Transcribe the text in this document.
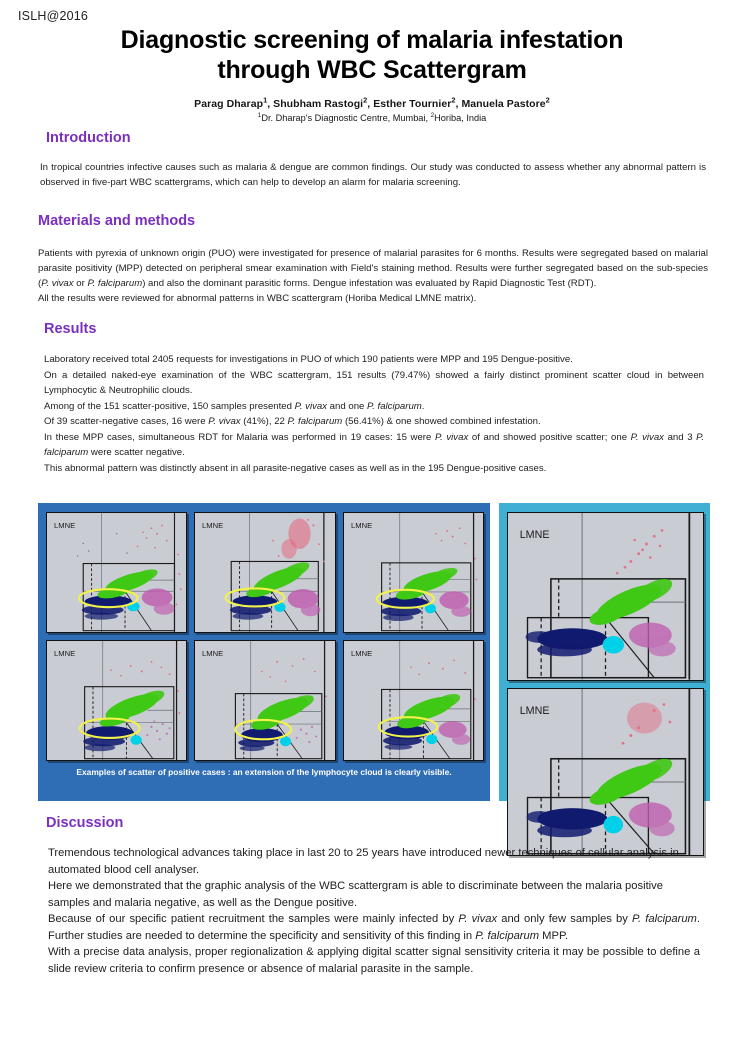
ISLH@2016
Diagnostic screening of malaria infestation
through WBC Scattergram
Parag Dharap$^1$, Shubham Rastogi$^2$, Esther Tournier$^2$, Manuela Pastore$^2$
$^1$Dr. Dharap's Diagnostic Centre, Mumbai, $^2$Horiba, India
Introduction

In tropical countries infective causes such as malaria & dengue are common findings. Our study was conducted to assess whether any abnormal pattern is observed in five-part WBC scattergrams, which can help to develop an alarm for malaria screening.

Materials and methods

Patients with pyrexia of unknown origin (PUO) were investigated for presence of malarial parasites for 6 months. Results were segregated based on malarial parasite positivity (MPP) detected on peripheral smear examination with Field's staining method. Results were further segregated based on the sub-species (P. vivax or P. falciparum) and also the dominant parasitic forms. Dengue infestation was evaluated by Rapid Diagnostic Test (RDT).

All the results were reviewed for abnormal patterns in WBC scattergram (Horiba Medical LMNE matrix).

Results

Laboratory received total 2405 requests for investigations in PUO of which 190 patients were MPP and 195 Dengue-positive.

On a detailed naked-eye examination of the WBC scattergram, 151 results (79.47%) showed a fairly distinct prominent scatter cloud in between Lymphocytic & Neutrophilic clouds.

Among of the 151 scatter-positive, 150 samples presented P. vivax and one P. falciparum.

Of 39 scatter-negative cases, 16 were P. vivax (41%), 22 P. falciparum (56.41%) & one showed combined infestation.

In these MPP cases, simultaneous RDT for Malaria was performed in 19 cases: 15 were P. vivax of and showed positive scatter; one P. vivax and 3 P. falciparum were scatter negative.

This abnormal pattern was distinctly absent in all parasite-negative cases as well as in the 195 Dengue-positive cases.

LMNE	LMNE	LMNE
LMNE	LMNE	LMNE
Examples of scatter of positive cases : an extension of the lymphocyte cloud is clearly visible.
LMNE
LMNE
Examples of scatter of negative cases.
Discussion

Tremendous technological advances taking place in last 20 to 25 years have introduced newer techniques of cellular analysis in automated blood cell analyser.

Here we demonstrated that the graphic analysis of the WBC scattergram is able to discriminate between the malaria positive samples and malaria negative, as well as the Dengue positive.

Because of our specific patient recruitment the samples were mainly infected by P. vivax and only few samples by P. falciparum. Further studies are needed to determine the specificity and sensitivity of this finding in P. falciparum MPP.

With a precise data analysis, proper regionalization & applying digital scatter signal sensitivity criteria it may be possible to define a slide review criteria to confirm presence or absence of malarial parasite in the sample.
